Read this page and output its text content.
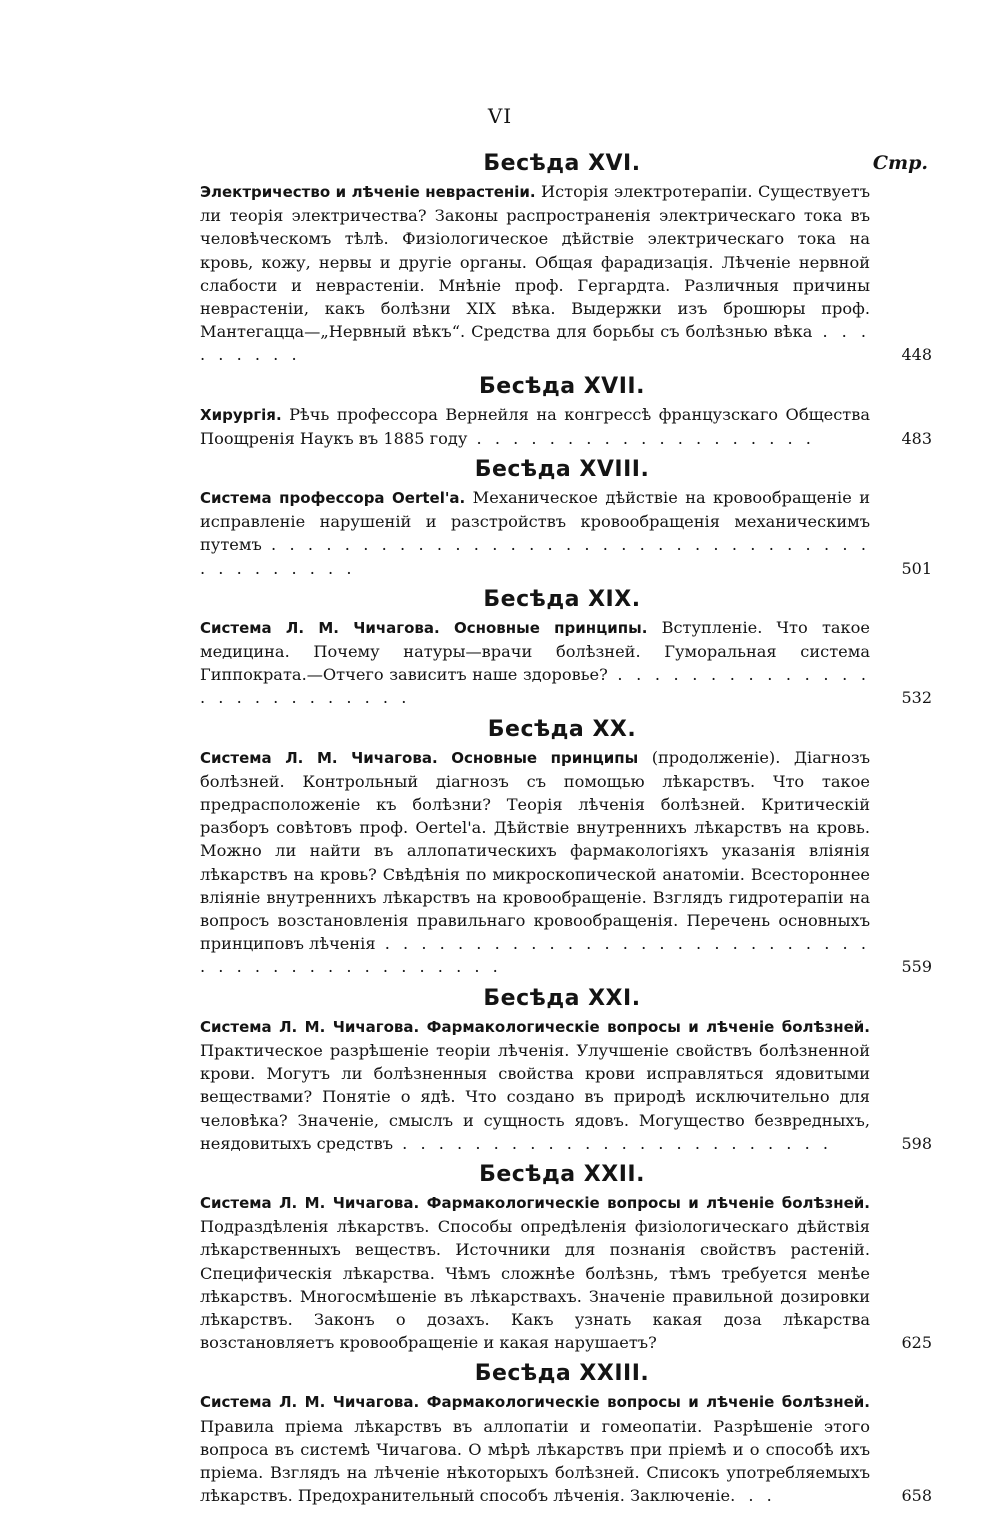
VI
Стр.
Бесѣда XVI.
Электричество и лѣченіе неврастеніи. Исторія электротерапіи. Существуетъ ли теорія электричества? Законы распространенія электрическаго тока въ человѣческомъ тѣлѣ. Физіологическое дѣйствіе электрическаго тока на кровь, кожу, нервы и другіе органы. Общая фарадизація. Лѣченіе нервной слабости и неврастеніи. Мнѣніе проф. Гергардта. Различныя причины неврастеніи, какъ болѣзни XIX вѣка. Выдержки изъ брошюры проф. Мантегацца—„Нервный вѣкъ“. Средства для борьбы съ болѣзнью вѣка . . . . . . . . .	448
Бесѣда XVII.
Хирургія. Рѣчь профессора Вернейля на конгрессѣ французскаго Общества Поощренія Наукъ въ 1885 году . . . . . . . . . . . . . . . . . . .	483
Бесѣда XVIII.
Система профессора Oertel'a. Механическое дѣйствіе на кровообращеніе и исправленіе нарушеній и разстройствъ кровообращенія механическимъ путемъ . . . . . . . . . . . . . . . . . . . . . . . . . . . . . . . . . . . . . . . . . .	501
Бесѣда XIX.
Система Л. М. Чичагова. Основные принципы. Вступленіе. Что такое медицина. Почему натуры—врачи болѣзней. Гуморальная система Гиппократа.—Отчего зависитъ наше здоровье? . . . . . . . . . . . . . . . . . . . . . . . . . .	532
Бесѣда XX.
Система Л. М. Чичагова. Основные принципы (продолженіе). Діагнозъ болѣзней. Контрольный діагнозъ съ помощью лѣкарствъ. Что такое предрасположеніе къ болѣзни? Теорія лѣченія болѣзней. Критическій разборъ совѣтовъ проф. Oertel'a. Дѣйствіе внутреннихъ лѣкарствъ на кровь. Можно ли найти въ аллопатическихъ фармакологіяхъ указанія вліянія лѣкарствъ на кровь? Свѣдѣнія по микроскопической анатоміи. Всестороннее вліяніе внутреннихъ лѣкарствъ на кровообращеніе. Взглядъ гидротерапіи на вопросъ возстановленія правильнаго кровообращенія. Перечень основныхъ принциповъ лѣченія . . . . . . . . . . . . . . . . . . . . . . . . . . . . . . . . . . . . . . . . . . . .	559
Бесѣда XXI.
Система Л. М. Чичагова. Фармакологическіе вопросы и лѣченіе болѣзней. Практическое разрѣшеніе теоріи лѣченія. Улучшеніе свойствъ болѣзненной крови. Могутъ ли болѣзненныя свойства крови исправляться ядовитыми веществами? Понятіе о ядѣ. Что создано въ природѣ исключительно для человѣка? Значеніе, смыслъ и сущность ядовъ. Могущество безвредныхъ, неядовитыхъ средствъ . . . . . . . . . . . . . . . . . . . . . . . .	598
Бесѣда XXII.
Система Л. М. Чичагова. Фармакологическіе вопросы и лѣченіе болѣзней. Подраздѣленія лѣкарствъ. Способы опредѣленія физіологическаго дѣйствія лѣкарственныхъ веществъ. Источники для познанія свойствъ растеній. Специфическія лѣкарства. Чѣмъ сложнѣе болѣзнь, тѣмъ требуется менѣе лѣкарствъ. Многосмѣшеніе въ лѣкарствахъ. Значеніе правильной дозировки лѣкарствъ. Законъ о дозахъ. Какъ узнать какая доза лѣкарства возстановляетъ кровообращеніе и какая нарушаетъ?	625
Бесѣда XXIII.
Система Л. М. Чичагова. Фармакологическіе вопросы и лѣченіе болѣзней. Правила пріема лѣкарствъ въ аллопатіи и гомеопатіи. Разрѣшеніе этого вопроса въ системѣ Чичагова. О мѣрѣ лѣкарствъ при пріемѣ и о способѣ ихъ пріема. Взглядъ на лѣченіе нѣкоторыхъ болѣзней. Списокъ употребляемыхъ лѣкарствъ. Предохранительный способъ лѣченія. Заключеніе. . .	658
